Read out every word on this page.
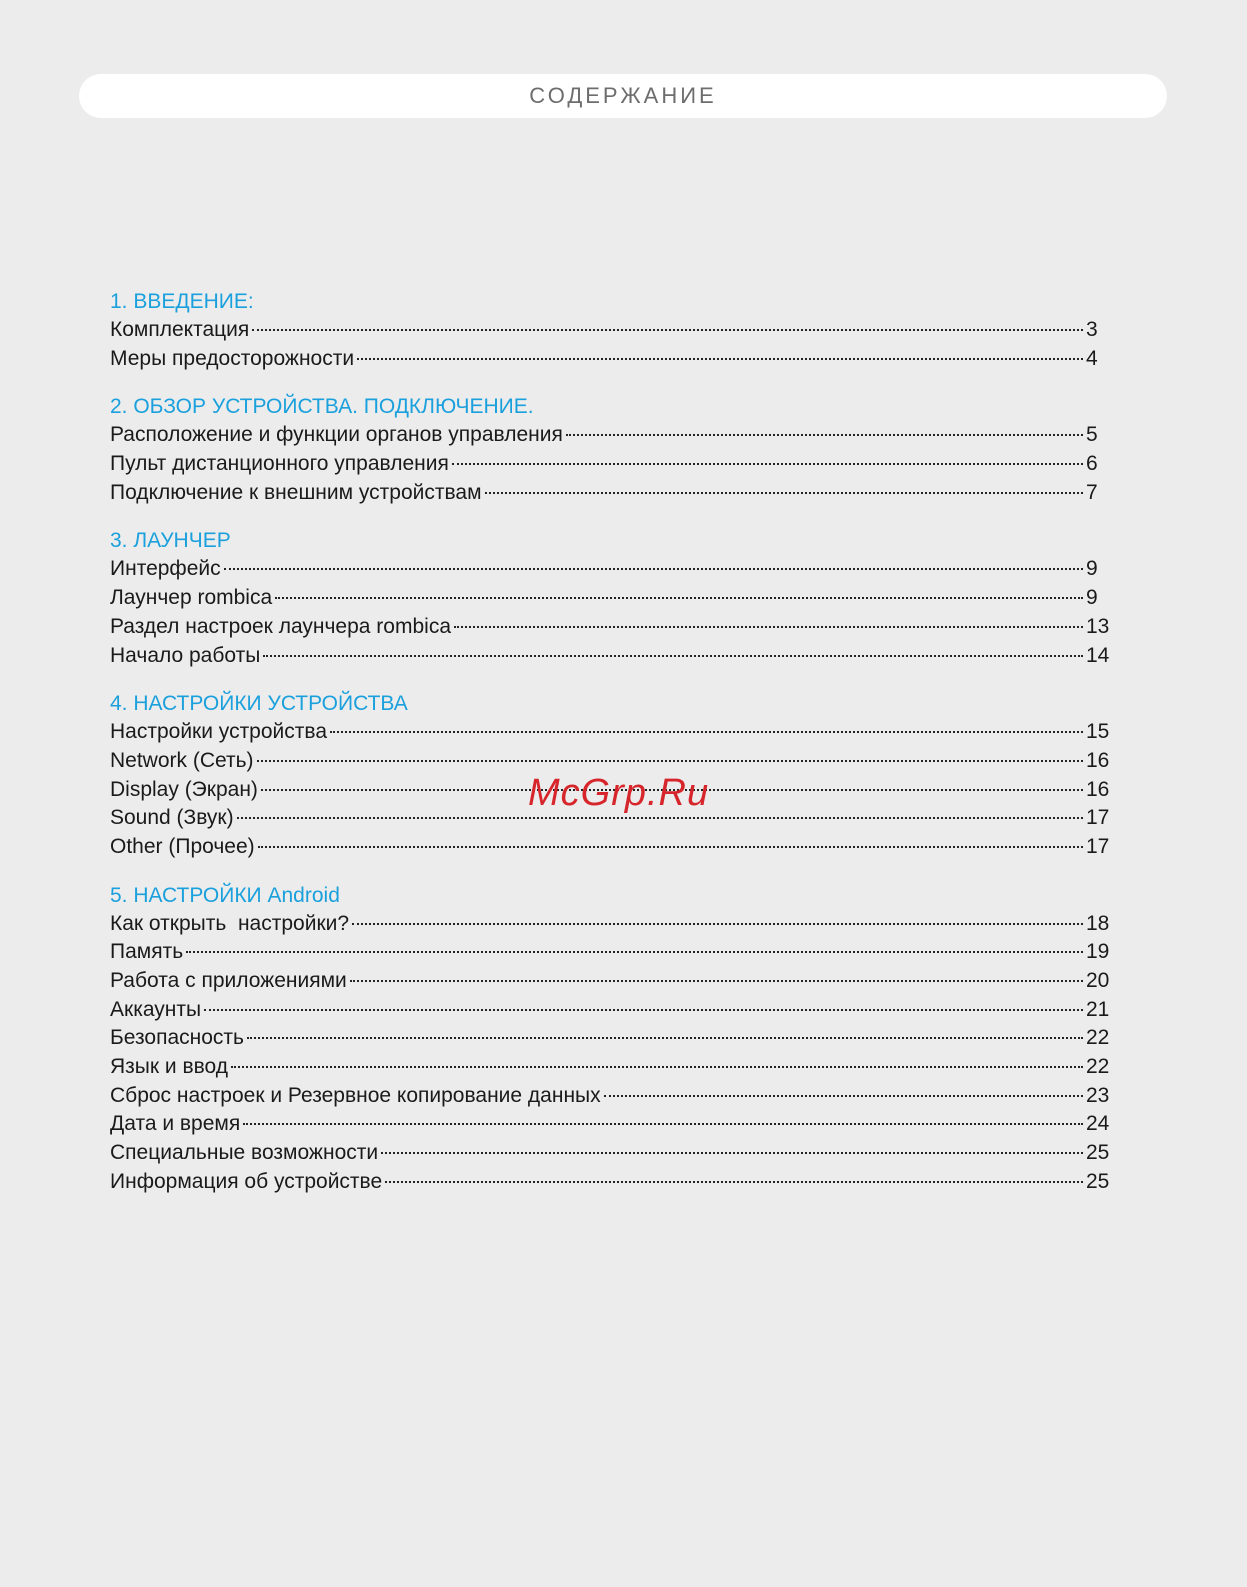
СОДЕРЖАНИЕ
1. ВВЕДЕНИЕ:
Комплектация	3
Меры предосторожности	4
2. ОБЗОР УСТРОЙСТВА. ПОДКЛЮЧЕНИЕ.
Расположение и функции органов управления	5
Пульт дистанционного управления	6
Подключение к внешним устройствам	7
3. ЛАУНЧЕР
Интерфейс	9
Лаунчер rombica	9
Раздел настроек лаунчера rombica	13
Начало работы	14
4. НАСТРОЙКИ УСТРОЙСТВА
Настройки устройства	15
Network (Сеть)	16
Display (Экран)	16
Sound (Звук)	17
Other (Прочее)	17
5. НАСТРОЙКИ Android
Как открыть  настройки?	18
Память	19
Работа с приложениями	20
Аккаунты	21
Безопасность	22
Язык и ввод	22
Сброс настроек и Резервное копирование данных	23
Дата и время	24
Специальные возможности	25
Информация об устройстве	25
McGrp.Ru
